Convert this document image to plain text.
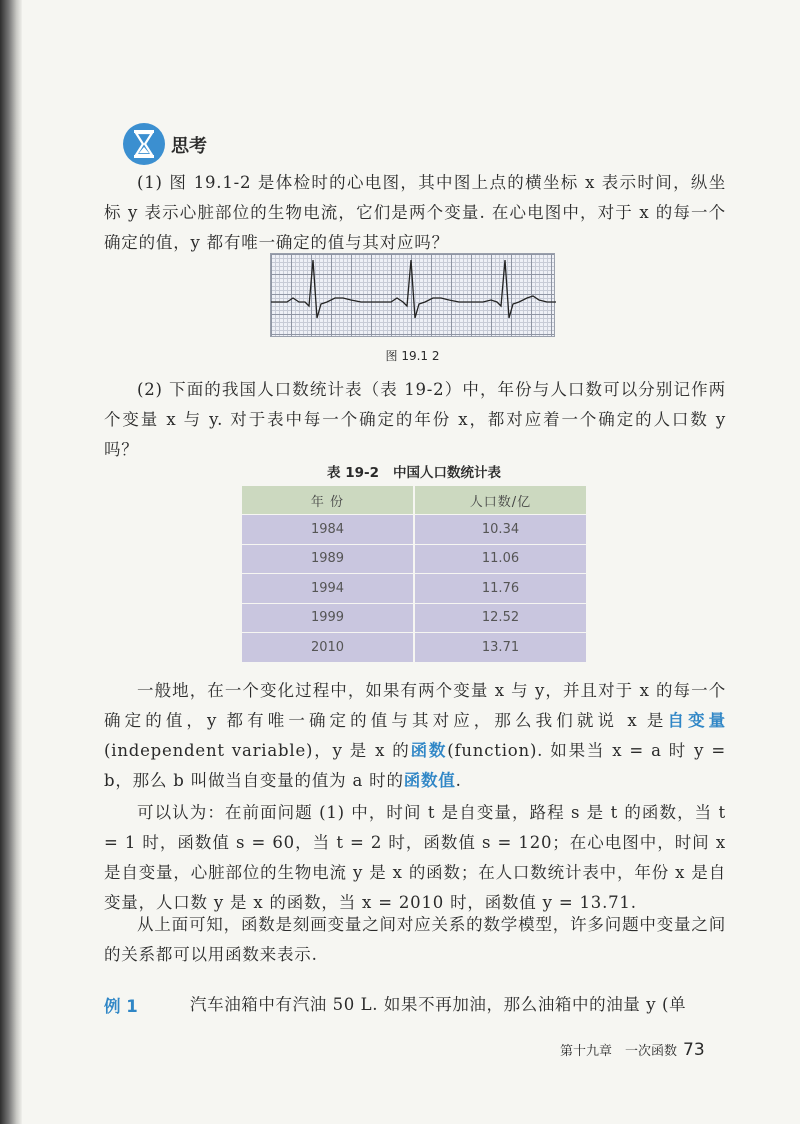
思考

(1) 图 19.1-2 是体检时的心电图，其中图上点的横坐标 x 表示时间，纵坐标 y 表示心脏部位的生物电流，它们是两个变量. 在心电图中，对于 x 的每一个确定的值，y 都有唯一确定的值与其对应吗？

图 19.1 2

(2) 下面的我国人口数统计表（表 19-2）中，年份与人口数可以分别记作两个变量 x 与 y. 对于表中每一个确定的年份 x，都对应着一个确定的人口数 y 吗？

表 19-2 中国人口数统计表
年 份	人口数/亿
1984	10.34
1989	11.06
1994	11.76
1999	12.52
2010	13.71

一般地，在一个变化过程中，如果有两个变量 x 与 y，并且对于 x 的每一个确定的值，y 都有唯一确定的值与其对应，那么我们就说 x 是自变量(independent variable)，y 是 x 的函数(function). 如果当 x = a 时 y = b，那么 b 叫做当自变量的值为 a 时的函数值.

可以认为：在前面问题 (1) 中，时间 t 是自变量，路程 s 是 t 的函数，当 t = 1 时，函数值 s = 60，当 t = 2 时，函数值 s = 120；在心电图中，时间 x 是自变量，心脏部位的生物电流 y 是 x 的函数；在人口数统计表中，年份 x 是自变量，人口数 y 是 x 的函数，当 x = 2010 时，函数值 y = 13.71.

从上面可知，函数是刻画变量之间对应关系的数学模型，许多问题中变量之间的关系都可以用函数来表示.

例 1	汽车油箱中有汽油 50 L. 如果不再加油，那么油箱中的油量 y (单

第十九章　一次函数 73
